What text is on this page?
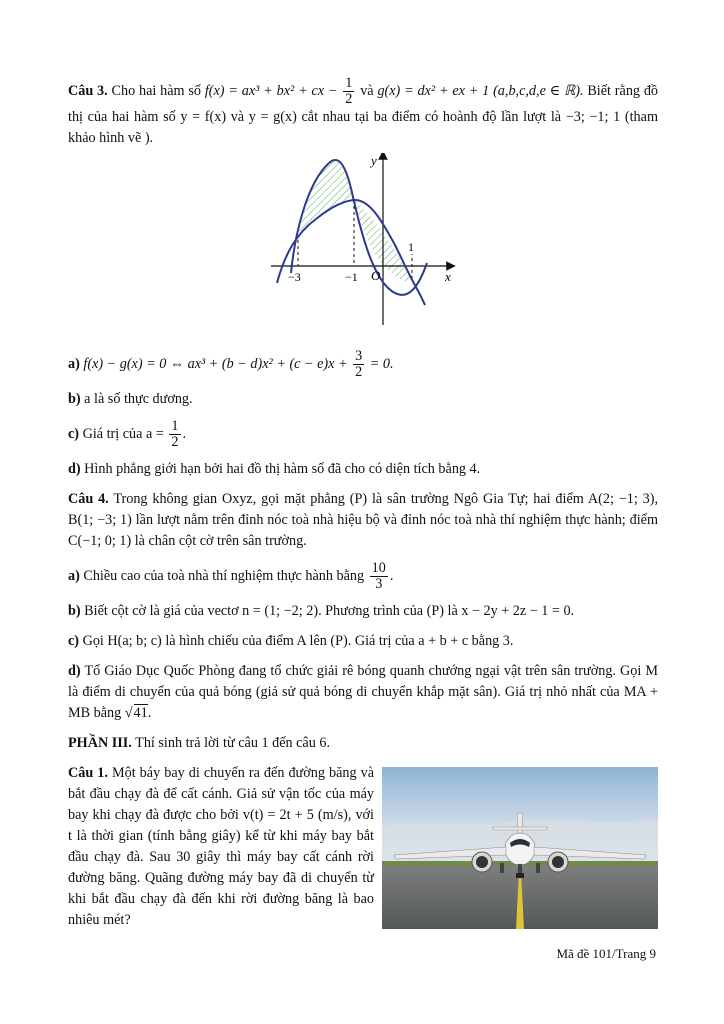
Câu 3. Cho hai hàm số f(x) = ax³ + bx² + cx − $\frac{1}{2}$ và g(x) = dx² + ex + 1 (a,b,c,d,e ∈ ℝ). Biết rằng đồ thị của hai hàm số y = f(x) và y = g(x) cắt nhau tại ba điểm có hoành độ lần lượt là −3; −1; 1 (tham khảo hình vẽ ).

y
x
O
−3	−1
1

a) f(x) − g(x) = 0 ⇔ $ax^3 + (b - d)x^2 + (c - e)x + \frac{3}{2} = 0$.

b) a là số thực dương.

c) Giá trị của $a = \frac{1}{2}$ .

d) Hình phẳng giới hạn bởi hai đồ thị hàm số đã cho có diện tích bằng 4.

Câu 4. Trong không gian Oxyz, gọi mặt phẳng (P) là sân trường Ngô Gia Tự; hai điểm A(2; −1; 3), B(1; −3; 1) lần lượt nằm trên đỉnh nóc toà nhà hiệu bộ và đỉnh nóc toà nhà thí nghiệm thực hành; điểm C(−1; 0; 1) là chân cột cờ trên sân trường.

a) Chiều cao của toà nhà thí nghiệm thực hành bằng $\frac{10}{3}$ .

b) Biết cột cờ là giá của vectơ n = (1; −2; 2). Phương trình của (P) là x − 2y + 2z − 1 = 0.

c) Gọi H(a; b; c) là hình chiếu của điểm A lên (P). Giá trị của a + b + c bằng 3.

d) Tổ Giáo Dục Quốc Phòng đang tổ chức giải rê bóng quanh chướng ngại vật trên sân trường. Gọi M là điểm di chuyển của quả bóng (giả sử quả bóng di chuyển khắp mặt sân). Giá trị nhỏ nhất của MA + MB bằng √41.

PHẦN III. Thí sinh trả lời từ câu 1 đến câu 6.

Câu 1. Một báy bay di chuyển ra đến đường băng và bắt đầu chạy đà để cất cánh. Giả sử vận tốc của máy bay khi chạy đà được cho bởi v(t) = 2t + 5 (m/s), với t là thời gian (tính bằng giây) kể từ khi máy bay bắt đầu chạy đà. Sau 30 giây thì máy bay cất cánh rời đường băng. Quãng đường máy bay đã di chuyển từ khi bắt đầu chạy đà đến khi rời đường băng là bao nhiêu mét?

Mã đề 101/Trang 9
